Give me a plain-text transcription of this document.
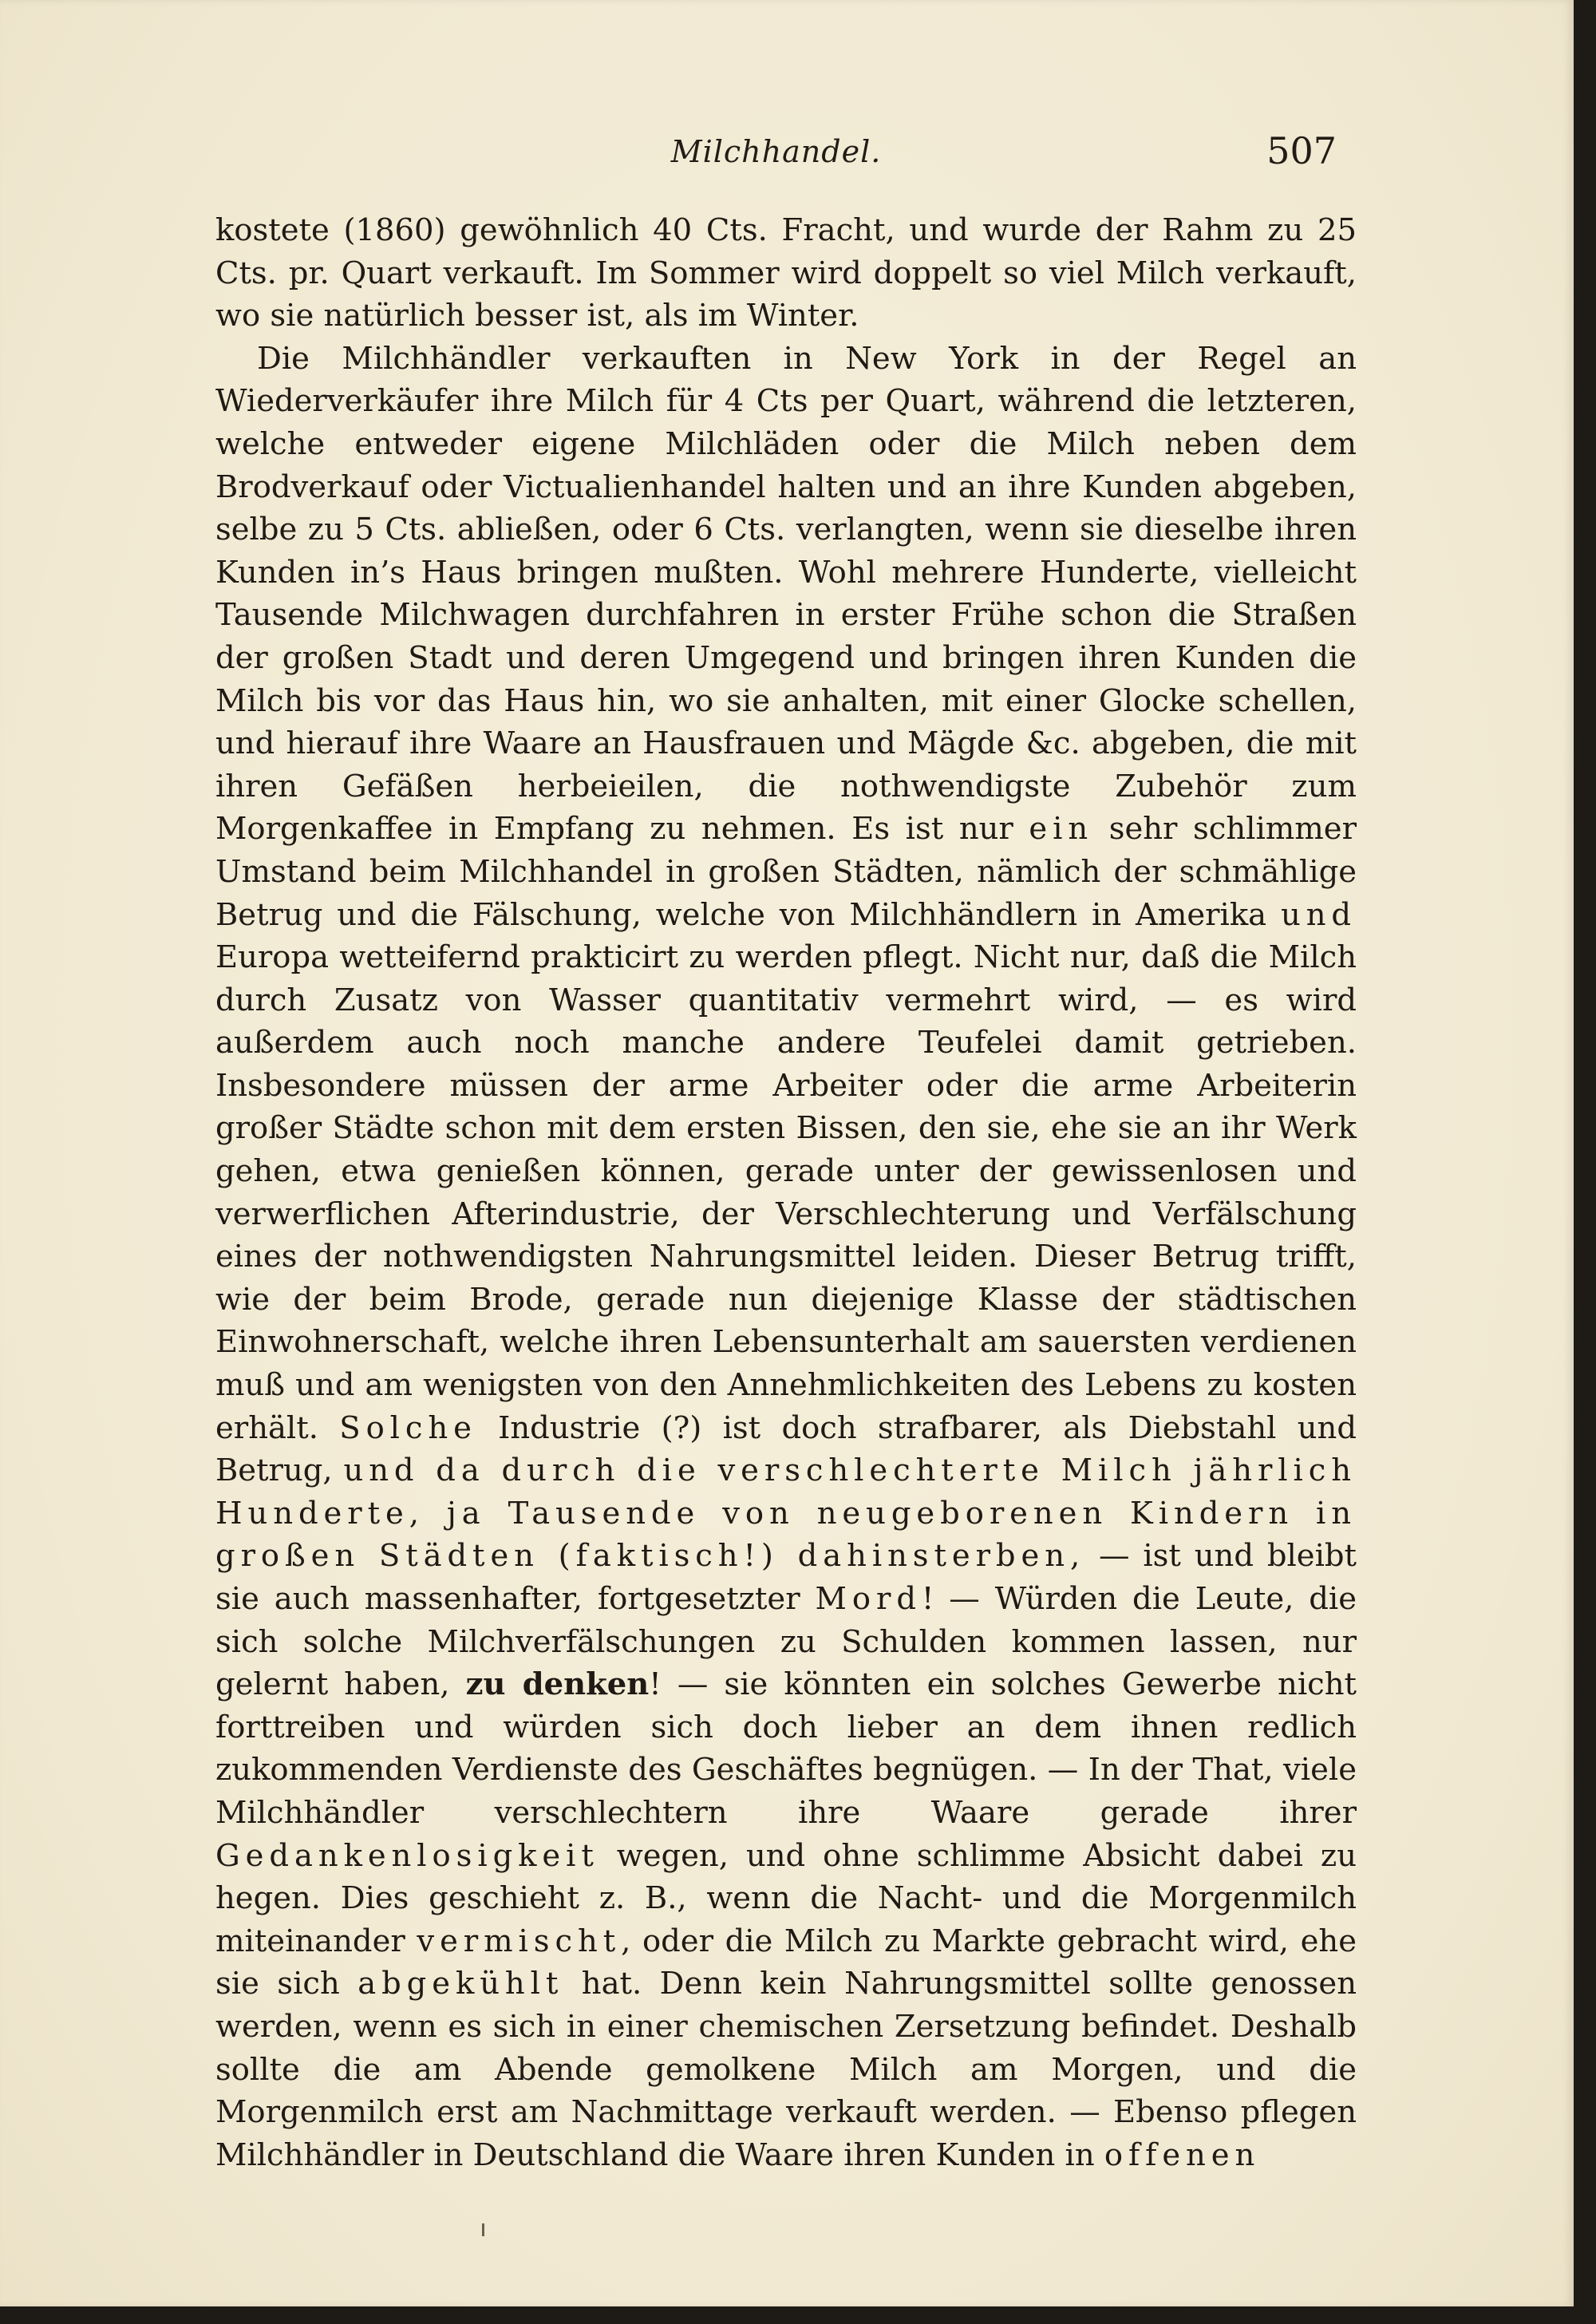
Milchhandel.	507

kostete (1860) gewöhnlich 40 Cts. Fracht, und wurde der Rahm zu 25 Cts. pr. Quart verkauft. Im Sommer wird doppelt so viel Milch verkauft, wo sie natürlich besser ist, als im Winter.

Die Milchhändler verkauften in New York in der Regel an Wiederverkäufer ihre Milch für 4 Cts per Quart, während die letzteren, welche entweder eigene Milchläden oder die Milch neben dem Brodverkauf oder Victualienhandel halten und an ihre Kunden abgeben, selbe zu 5 Cts. abließen, oder 6 Cts. verlangten, wenn sie dieselbe ihren Kunden in’s Haus bringen mußten. Wohl mehrere Hunderte, vielleicht Tausende Milchwagen durchfahren in erster Frühe schon die Straßen der großen Stadt und deren Umgegend und bringen ihren Kunden die Milch bis vor das Haus hin, wo sie anhalten, mit einer Glocke schellen, und hierauf ihre Waare an Hausfrauen und Mägde &c. abgeben, die mit ihren Gefäßen herbeieilen, die nothwendigste Zubehör zum Morgenkaffee in Empfang zu nehmen. Es ist nur ein sehr schlimmer Umstand beim Milchhandel in großen Städten, nämlich der schmählige Betrug und die Fälschung, welche von Milchhändlern in Amerika und Europa wetteifernd prakticirt zu werden pflegt. Nicht nur, daß die Milch durch Zusatz von Wasser quantitativ vermehrt wird, — es wird außerdem auch noch manche andere Teufelei damit getrieben. Insbesondere müssen der arme Arbeiter oder die arme Arbeiterin großer Städte schon mit dem ersten Bissen, den sie, ehe sie an ihr Werk gehen, etwa genießen können, gerade unter der gewissenlosen und verwerflichen Afterindustrie, der Verschlechterung und Verfälschung eines der nothwendigsten Nahrungsmittel leiden. Dieser Betrug trifft, wie der beim Brode, gerade nun diejenige Klasse der städtischen Einwohnerschaft, welche ihren Lebensunterhalt am sauersten verdienen muß und am wenigsten von den Annehmlichkeiten des Lebens zu kosten erhält. Solche Industrie (?) ist doch strafbarer, als Diebstahl und Betrug, und da durch die verschlechterte Milch jährlich Hunderte, ja Tausende von neugeborenen Kindern in großen Städten (faktisch!) dahinsterben, — ist und bleibt sie auch massenhafter, fortgesetzter Mord! — Würden die Leute, die sich solche Milchverfälschungen zu Schulden kommen lassen, nur gelernt haben, zu denken! — sie könnten ein solches Gewerbe nicht forttreiben und würden sich doch lieber an dem ihnen redlich zukommenden Verdienste des Geschäftes begnügen. — In der That, viele Milchhändler verschlechtern ihre Waare gerade ihrer Gedankenlosigkeit wegen, und ohne schlimme Absicht dabei zu hegen. Dies geschieht z. B., wenn die Nacht- und die Morgenmilch miteinander vermischt, oder die Milch zu Markte gebracht wird, ehe sie sich abgekühlt hat. Denn kein Nahrungsmittel sollte genossen werden, wenn es sich in einer chemischen Zersetzung befindet. Deshalb sollte die am Abende gemolkene Milch am Morgen, und die Morgenmilch erst am Nachmittage verkauft werden. — Ebenso pflegen Milchhändler in Deutschland die Waare ihren Kunden in offenen
